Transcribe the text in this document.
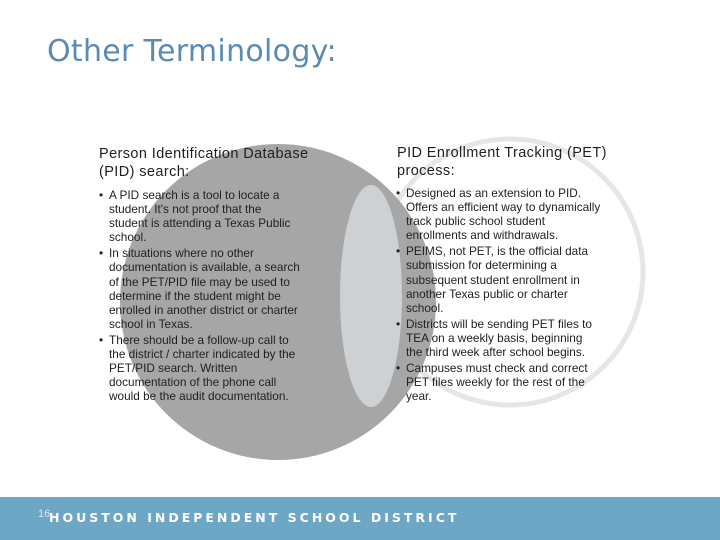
Other Terminology:
Person Identification Database (PID) search:
• A PID search is a tool to locate a student. It's not proof that the student is attending a Texas Public school.
• In situations where no other documentation is available, a search of the PET/PID file may be used to determine if the student might be enrolled in another district or charter school in Texas.
• There should be a follow-up call to the district / charter indicated by the PET/PID search. Written documentation of the phone call would be the audit documentation.
PID Enrollment Tracking (PET) process:
• Designed as an extension to PID. Offers an efficient way to dynamically track public school student enrollments and withdrawals.
• PEIMS, not PET, is the official data submission for determining a subsequent student enrollment in another Texas public or charter school.
• Districts will be sending PET files to TEA on a weekly basis, beginning the third week after school begins.
• Campuses must check and correct PET files weekly for the rest of the year.
HOUSTON INDEPENDENT SCHOOL DISTRICT
16
